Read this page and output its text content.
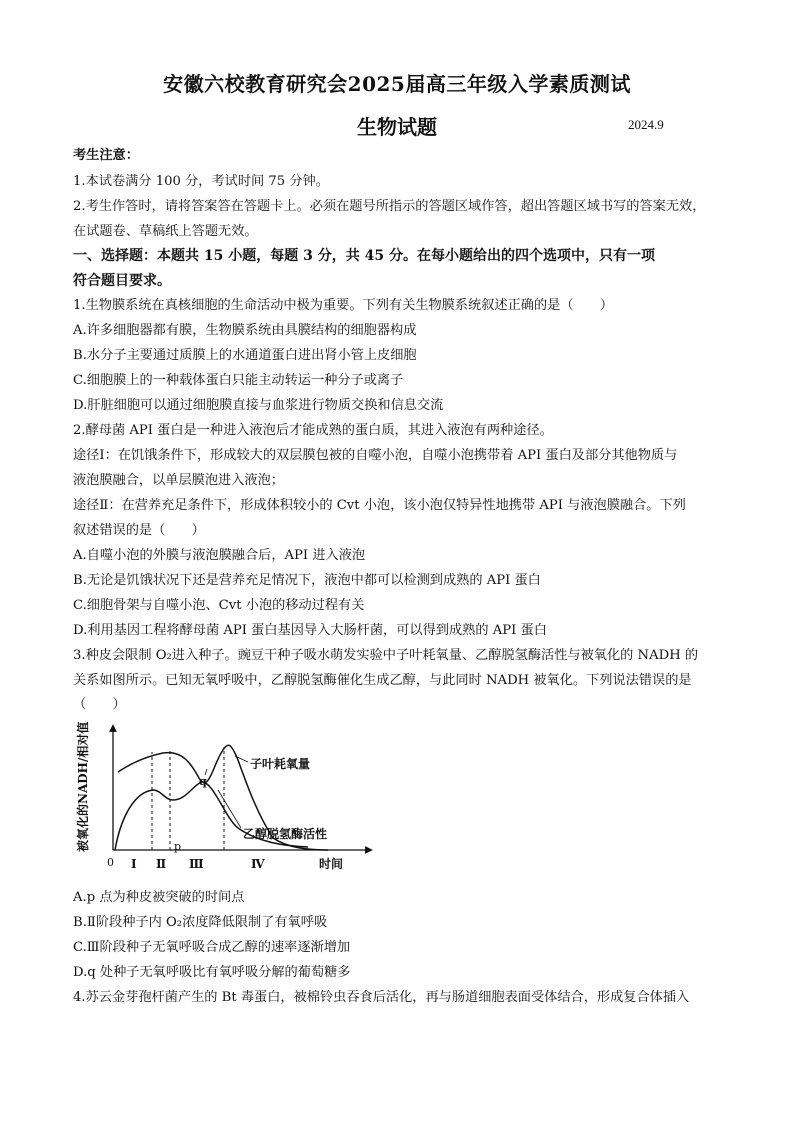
安徽六校教育研究会2025届高三年级入学素质测试
生物试题	2024.9
考生注意：
1.本试卷满分 100 分，考试时间 75 分钟。
2.考生作答时，请将答案答在答题卡上。必须在题号所指示的答题区域作答，超出答题区域书写的答案无效，
在试题卷、草稿纸上答题无效。
一、选择题：本题共 15 小题，每题 3 分，共 45 分。在每小题给出的四个选项中，只有一项
符合题目要求。
1.生物膜系统在真核细胞的生命活动中极为重要。下列有关生物膜系统叙述正确的是（　　）
A.许多细胞器都有膜，生物膜系统由具膜结构的细胞器构成
B.水分子主要通过质膜上的水通道蛋白进出肾小管上皮细胞
C.细胞膜上的一种载体蛋白只能主动转运一种分子或离子
D.肝脏细胞可以通过细胞膜直接与血浆进行物质交换和信息交流
2.酵母菌 API 蛋白是一种进入液泡后才能成熟的蛋白质，其进入液泡有两种途径。
途径Ⅰ：在饥饿条件下，形成较大的双层膜包被的自噬小泡，自噬小泡携带着 API 蛋白及部分其他物质与
液泡膜融合，以单层膜泡进入液泡；
途径Ⅱ：在营养充足条件下，形成体积较小的 Cvt 小泡，该小泡仅特异性地携带 API 与液泡膜融合。下列
叙述错误的是（　　）
A.自噬小泡的外膜与液泡膜融合后，API 进入液泡
B.无论是饥饿状况下还是营养充足情况下，液泡中都可以检测到成熟的 API 蛋白
C.细胞骨架与自噬小泡、Cvt 小泡的移动过程有关
D.利用基因工程将酵母菌 API 蛋白基因导入大肠杆菌，可以得到成熟的 API 蛋白
3.种皮会限制 O₂进入种子。豌豆干种子吸水萌发实验中子叶耗氧量、乙醇脱氢酶活性与被氧化的 NADH 的
关系如图所示。已知无氧呼吸中，乙醇脱氢酶催化生成乙醇，与此同时 NADH 被氧化。下列说法错误的是
（　　）
被氧化的NADH/相对值
时间
0 Ⅰ Ⅱ Ⅲ	Ⅳ
p
q
子叶耗氧量
乙醇脱氢酶活性
A.p 点为种皮被突破的时间点
B.Ⅱ阶段种子内 O₂浓度降低限制了有氧呼吸
C.Ⅲ阶段种子无氧呼吸合成乙醇的速率逐渐增加
D.q 处种子无氧呼吸比有氧呼吸分解的葡萄糖多
4.苏云金芽孢杆菌产生的 Bt 毒蛋白，被棉铃虫吞食后活化，再与肠道细胞表面受体结合，形成复合体插入
